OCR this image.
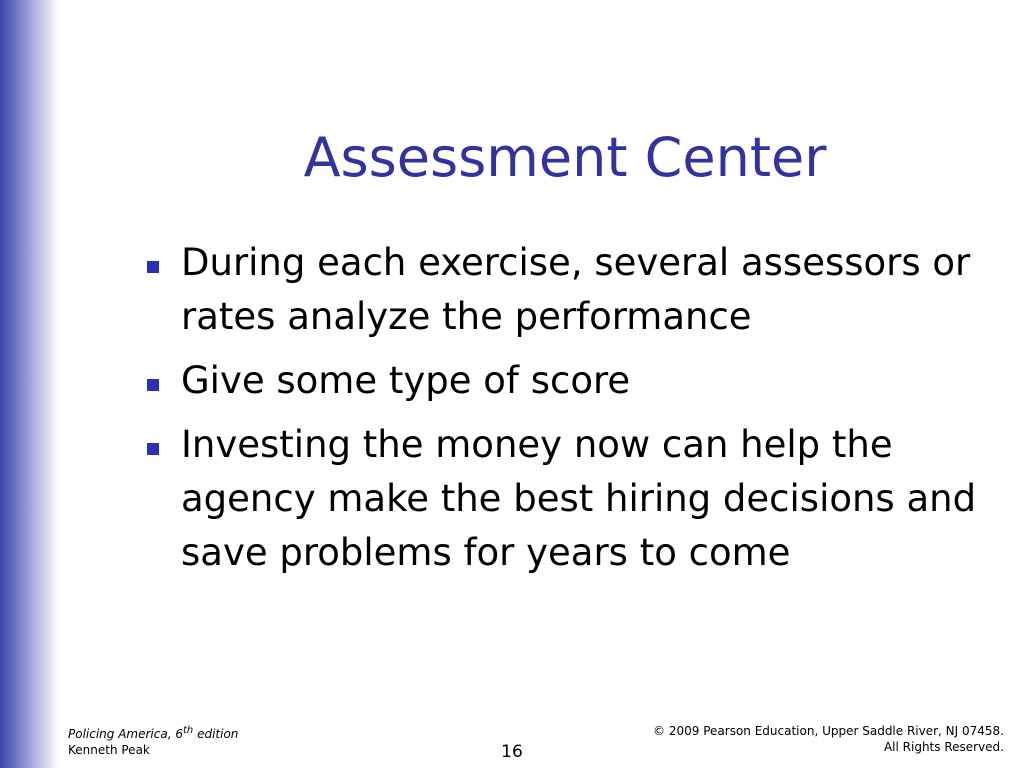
Assessment Center
During each exercise, several assessors or rates analyze the performance
Give some type of score
Investing the money now can help the agency make the best hiring decisions and save problems for years to come
Policing America, 6th edition
Kenneth Peak	16
© 2009 Pearson Education, Upper Saddle River, NJ 07458.
All Rights Reserved.
